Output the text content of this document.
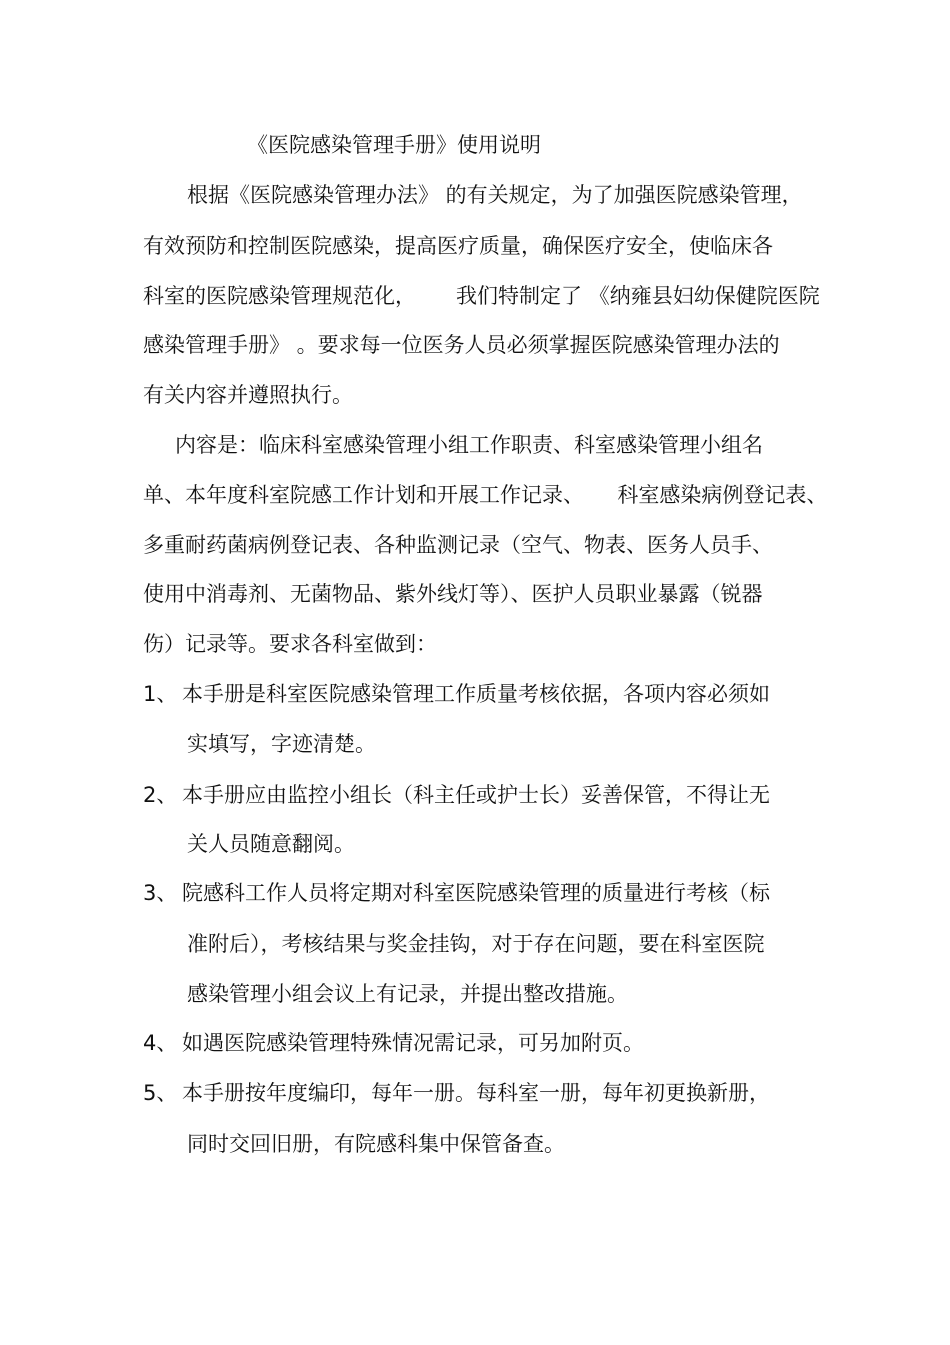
《医院感染管理手册》使用说明
根据《医院感染管理办法》 的有关规定，为了加强医院感染管理，
有效预防和控制医院感染，提高医疗质量，确保医疗安全，使临床各
科室的医院感染管理规范化，      我们特制定了 《纳雍县妇幼保健院医院
感染管理手册》 。要求每一位医务人员必须掌握医院感染管理办法的
有关内容并遵照执行。
内容是：临床科室感染管理小组工作职责、科室感染管理小组名
单、本年度科室院感工作计划和开展工作记录、     科室感染病例登记表、
多重耐药菌病例登记表、各种监测记录（空气、物表、医务人员手、
使用中消毒剂、无菌物品、紫外线灯等）、医护人员职业暴露（锐器
伤）记录等。要求各科室做到：
1、 本手册是科室医院感染管理工作质量考核依据，各项内容必须如
实填写，字迹清楚。
2、 本手册应由监控小组长（科主任或护士长）妥善保管，不得让无
关人员随意翻阅。
3、 院感科工作人员将定期对科室医院感染管理的质量进行考核（标
准附后），考核结果与奖金挂钩，对于存在问题，要在科室医院
感染管理小组会议上有记录，并提出整改措施。
4、 如遇医院感染管理特殊情况需记录，可另加附页。
5、 本手册按年度编印，每年一册。每科室一册，每年初更换新册，
同时交回旧册，有院感科集中保管备查。
